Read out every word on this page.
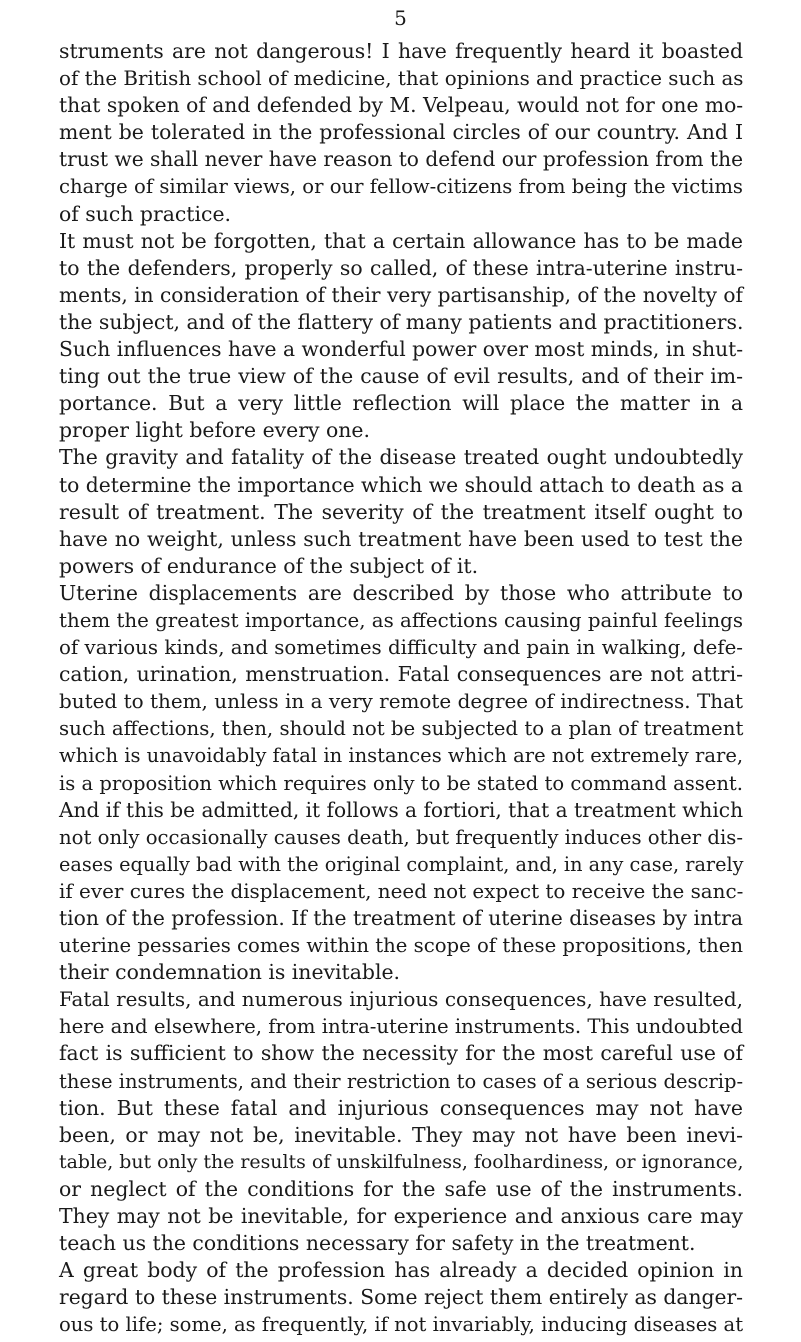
5
struments are not dangerous! I have frequently heard it boasted
of the British school of medicine, that opinions and practice such as
that spoken of and defended by M. Velpeau, would not for one mo-
ment be tolerated in the professional circles of our country. And I
trust we shall never have reason to defend our profession from the
charge of similar views, or our fellow-citizens from being the victims
of such practice.
It must not be forgotten, that a certain allowance has to be made
to the defenders, properly so called, of these intra-uterine instru-
ments, in consideration of their very partisanship, of the novelty of
the subject, and of the flattery of many patients and practitioners.
Such influences have a wonderful power over most minds, in shut-
ting out the true view of the cause of evil results, and of their im-
portance. But a very little reflection will place the matter in a
proper light before every one.
The gravity and fatality of the disease treated ought undoubtedly
to determine the importance which we should attach to death as a
result of treatment. The severity of the treatment itself ought to
have no weight, unless such treatment have been used to test the
powers of endurance of the subject of it.
Uterine displacements are described by those who attribute to
them the greatest importance, as affections causing painful feelings
of various kinds, and sometimes difficulty and pain in walking, defe-
cation, urination, menstruation. Fatal consequences are not attri-
buted to them, unless in a very remote degree of indirectness. That
such affections, then, should not be subjected to a plan of treatment
which is unavoidably fatal in instances which are not extremely rare,
is a proposition which requires only to be stated to command assent.
And if this be admitted, it follows a fortiori, that a treatment which
not only occasionally causes death, but frequently induces other dis-
eases equally bad with the original complaint, and, in any case, rarely
if ever cures the displacement, need not expect to receive the sanc-
tion of the profession. If the treatment of uterine diseases by intra
uterine pessaries comes within the scope of these propositions, then
their condemnation is inevitable.
Fatal results, and numerous injurious consequences, have resulted,
here and elsewhere, from intra-uterine instruments. This undoubted
fact is sufficient to show the necessity for the most careful use of
these instruments, and their restriction to cases of a serious descrip-
tion. But these fatal and injurious consequences may not have
been, or may not be, inevitable. They may not have been inevi-
table, but only the results of unskilfulness, foolhardiness, or ignorance,
or neglect of the conditions for the safe use of the instruments.
They may not be inevitable, for experience and anxious care may
teach us the conditions necessary for safety in the treatment.
A great body of the profession has already a decided opinion in
regard to these instruments. Some reject them entirely as danger-
ous to life; some, as frequently, if not invariably, inducing diseases at
